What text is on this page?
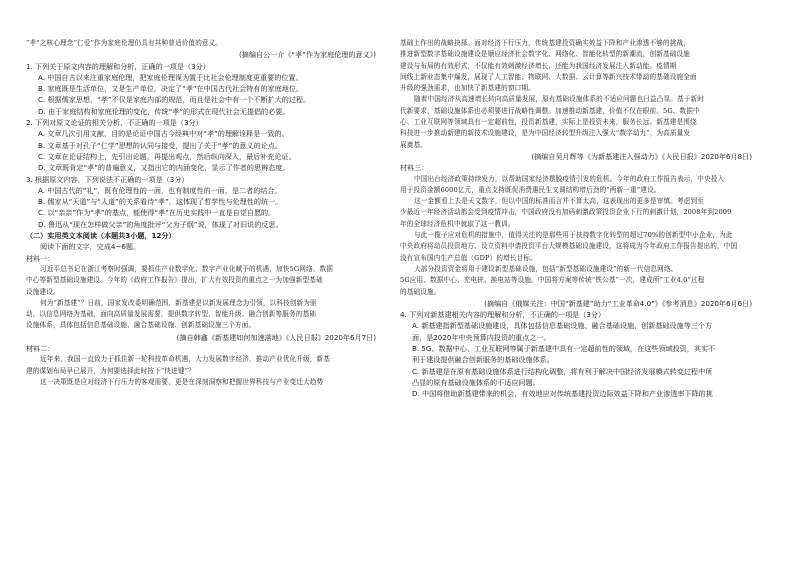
“孝”之核心理念“仁爱”作为家庭伦理仍具有其种普适价值的意义。
(摘编自公一介《“孝”作为家庭伦理的意义》)
1. 下列关于原文内容的理解和分析，正确的一项是（3分）
A. 中国自古以来注重家庭伦理，把家庭伦理视为置于比社会伦理制度更重要的位置。
B. 家庭既是生活单位，又是生产单位，决定了“孝”在中国古代社会特有的家庭地位。
C. 根据儒家思想，“孝”不仅是家庭内部的规范，而且是社会中有一个不断扩大的过程。
D. 由于家庭结构和家庭伦理的变化，传统“孝”的形式在现代社会无提倡的必要。
2. 下列对原文论证的相关分析，不正确的一项是（3分）
A. 文章几次引用文献，目的是论证中国古今经典中对“孝”的理解诠释是一致的。
B. 文章基于对孔子“仁学”思想的认同与接受，提出了关于“孝”的意义的论点。
C. 文章在论证结构上，先引出论题，再提出观点，然后纵向深入，最后补充论证。
D. 文章既肯定“孝”的普遍意义，又指出它的内涵变化，显示了作者的思辨态度。
3. 根据原文内容，下列说法不正确的一项是（3分）
A. 中国古代的“礼”，既有伦理性的一面，也有制度性的一面，是二者的结合。
B. 儒家从“天道”与“人道”的关系看待“孝”，这体现了哲学性与伦理性的统一。
C. 以“亲亲”作为“孝”的基点，能使得“孝”在历史实践中一直是自觉自愿的。
D. 鲁迅从“现在怎样做父亲”的角度批评“父为子纲”说，体现了对旧说的反思。
（二）实用类文本阅读（本题共3小题，12分）
阅读下面的文字，完成4~6题。
材料一：
习近平总书记在浙江考察时强调，要抓住产业数字化、数字产业化赋予的机遇，加快5G网络、数据
中心等新型基础设施建设。今年的《政府工作报告》提出，扩大有效投资的重点之一为加强新型基础
设施建设。
何为“新基建”？日前，国家发改委明确范围，新基建是以新发展理念为引领，以科技创新为驱
动，以信息网络为基础，面向高质量发展需要，提供数字转型、智能升级、融合创新等服务的基础
设施体系，具体包括信息基础设施、融合基础设施、创新基础设施三个方面。
(摘自韩鑫《新基建如何加速落地》《人民日报》2020年6月7日)
材料二：
近年来，我国一直致力于抓住新一轮科技革命机遇，大力发展数字经济，推动产业优化升级，新基
建的谋划布局早已展开，为何要选择此时按下“快进键”？
这一决策既是应对经济下行压力的客观需要，更是在深刻洞察和把握世界科技与产业变迁大趋势
基础上作出的战略抉择。面对经济下行压力，传统基建投资确实效益下降和产业渗透不够的挑战，
推进新型数字基础设施建设是顺应经济社会数字化、网络化、智能化转型的新潮流，创新基础设施
建设与布局的有效形式，不仅能有效刺激经济增长，还能为我国经济发展注入新动能。疫情期
间线上新业态集中爆发，展现了人工智能、物联网、大数据、云计算等新兴技术带动的基础设施全面
升级的强劲需求，也加快了新基建的窗口期。
随着中国经济从高速增长转向高质量发展，原有基础设施体系的不适应问题也日益凸显。基于新时
代新要求，基础设施体系也必须要进行战略性调整。加速推动新基建，价值不仅在眼前。5G、数据中
心、工业互联网等领域具有一定超前性，投资新基建，实际上是投资未来，服务长远。新基建是围绕
科技进一步推动新建的新技术设施建设，是为中国经济转型升级注入强大“数字动力”，为高质量发
展奠基。
(摘编自吴月辉等《为新基建注入强动力》《人民日报》2020年6月8日)
材料三：
中国出台经济政策持续发力，以帮助国家经济摆脱疫情引发的危机。今年的政府工作报告表示，中央投入
用于投资金额6000亿元，重点支持既促消费惠民生又调结构增后劲的“两新一重”建设。
这一金额看上去是天文数字，但以中国的标准而言并不算太高，这表现出的更多是审慎。考虑到至
少最近一年经济活动都会受到疫情冲击，中国政府没有加码刺激政策投资企业下行的刺激计划，2008年到2009
年的全球经济危机中就取了这一教训。
与此一揽子应对危机的措施中，值得关注的是那些用于扶持数字化转型的超过70%的创新型中小企业，为此
中央政府将动员投资地方、设立资料申请投资平台大规模基础设施建设，这将成为今年政府工作报告提出的，中国
没有宣布国内生产总值（GDP）的增长目标。
大部分投资资金将用于建设新型基础设施，包括“新型基础设施建设”的新一代信息网络、
5G应用、数据中心、充电桩、换电站等设施。中国将方案等传统“铁公基”一次，建成所“工业4.0”过程
的基础设施。
(摘编自《俄媒关注：中国“新基建”助力“工业革命4.0”》《参考消息》2020年6月6日)
4. 下列对新基建相关内容的理解和分析，不正确的一项是（3分）
A. 新基建指新型基础设施建设，具体包括信息基础设施、融合基础设施、创新基础设施等三个方
面，是2020年中央预算内投资的重点之一。
B. 5G、数据中心、工业互联网等属于新基建中具有一定超前性的领域，在这些领域投资，其实不
利于建设提供融合创新服务的基础设施体系。
C. 新基建是在原有基础设施体系进行结构化调整，将有利于解决中国经济发展模式转变过程中所
凸显的原有基础设施体系的不适应问题。
D. 中国将借助新基建带来的机会，有效地应对传统基建投资边际效益下降和产业渗透率下降的挑
